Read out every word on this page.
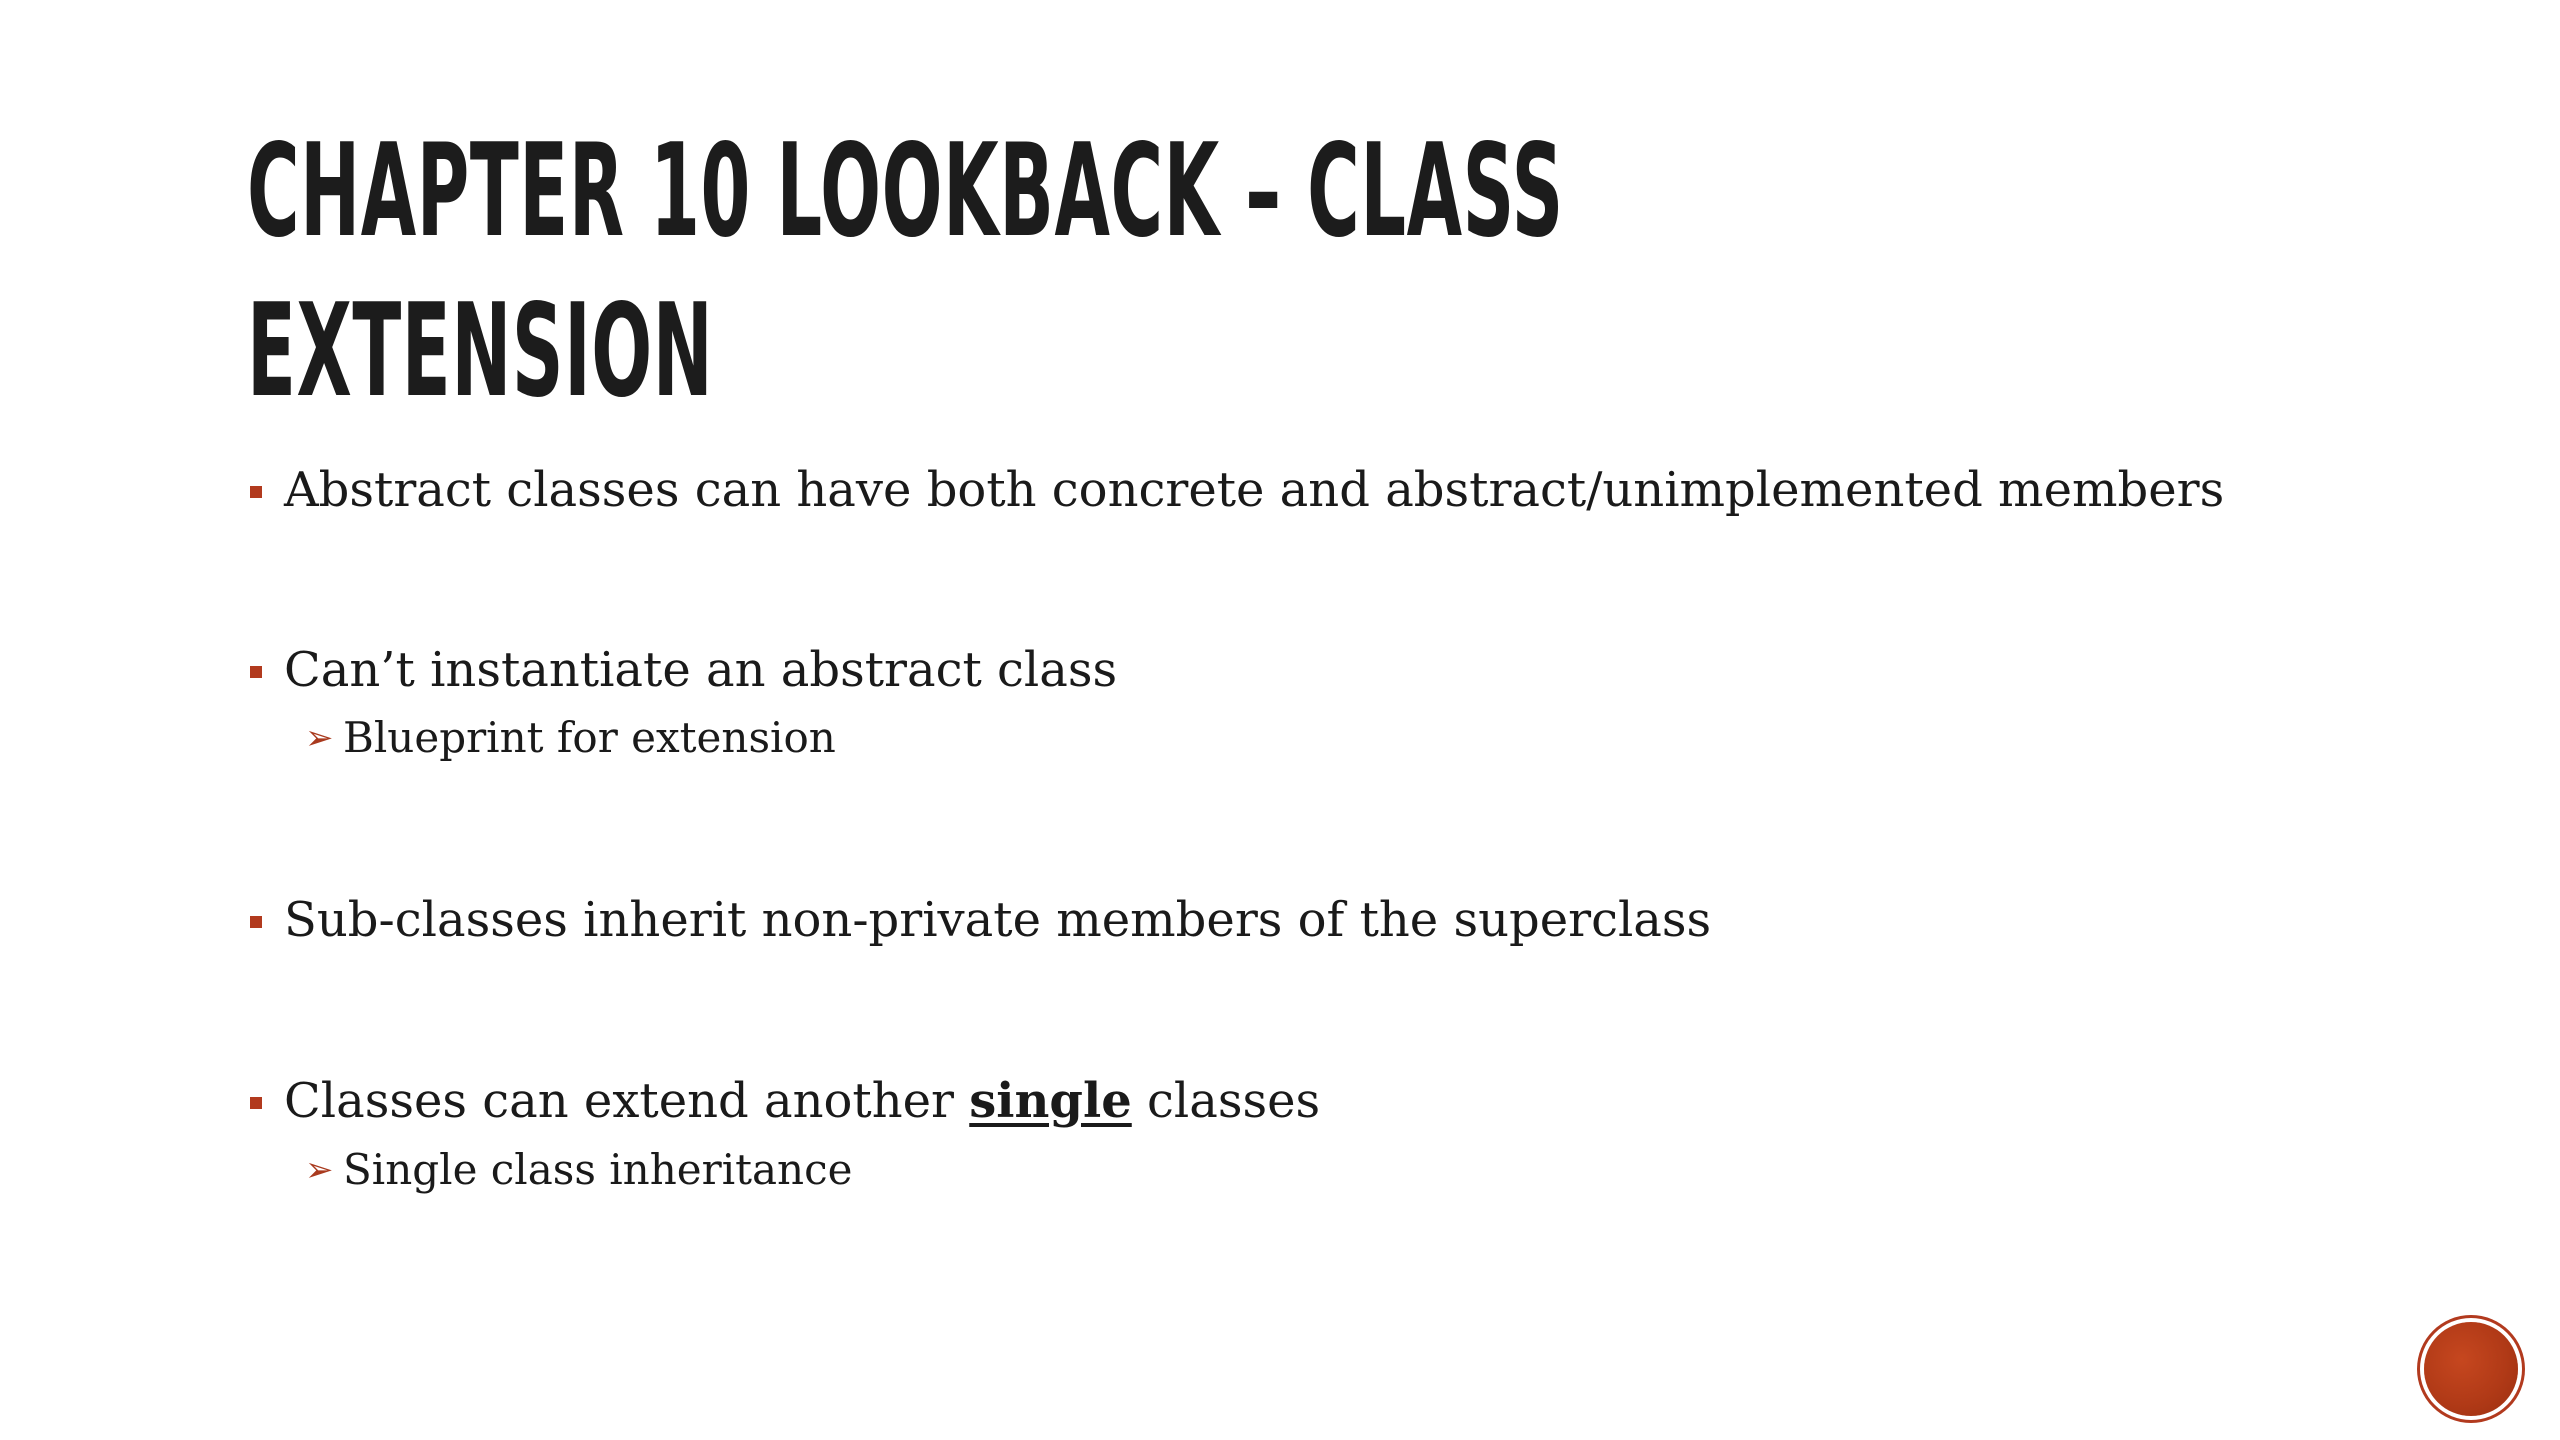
CHAPTER 10 LOOKBACK – CLASS
EXTENSION
Abstract classes can have both concrete and abstract/unimplemented members
Can’t instantiate an abstract class
➢ Blueprint for extension
Sub-classes inherit non-private members of the superclass
Classes can extend another single classes
➢ Single class inheritance
